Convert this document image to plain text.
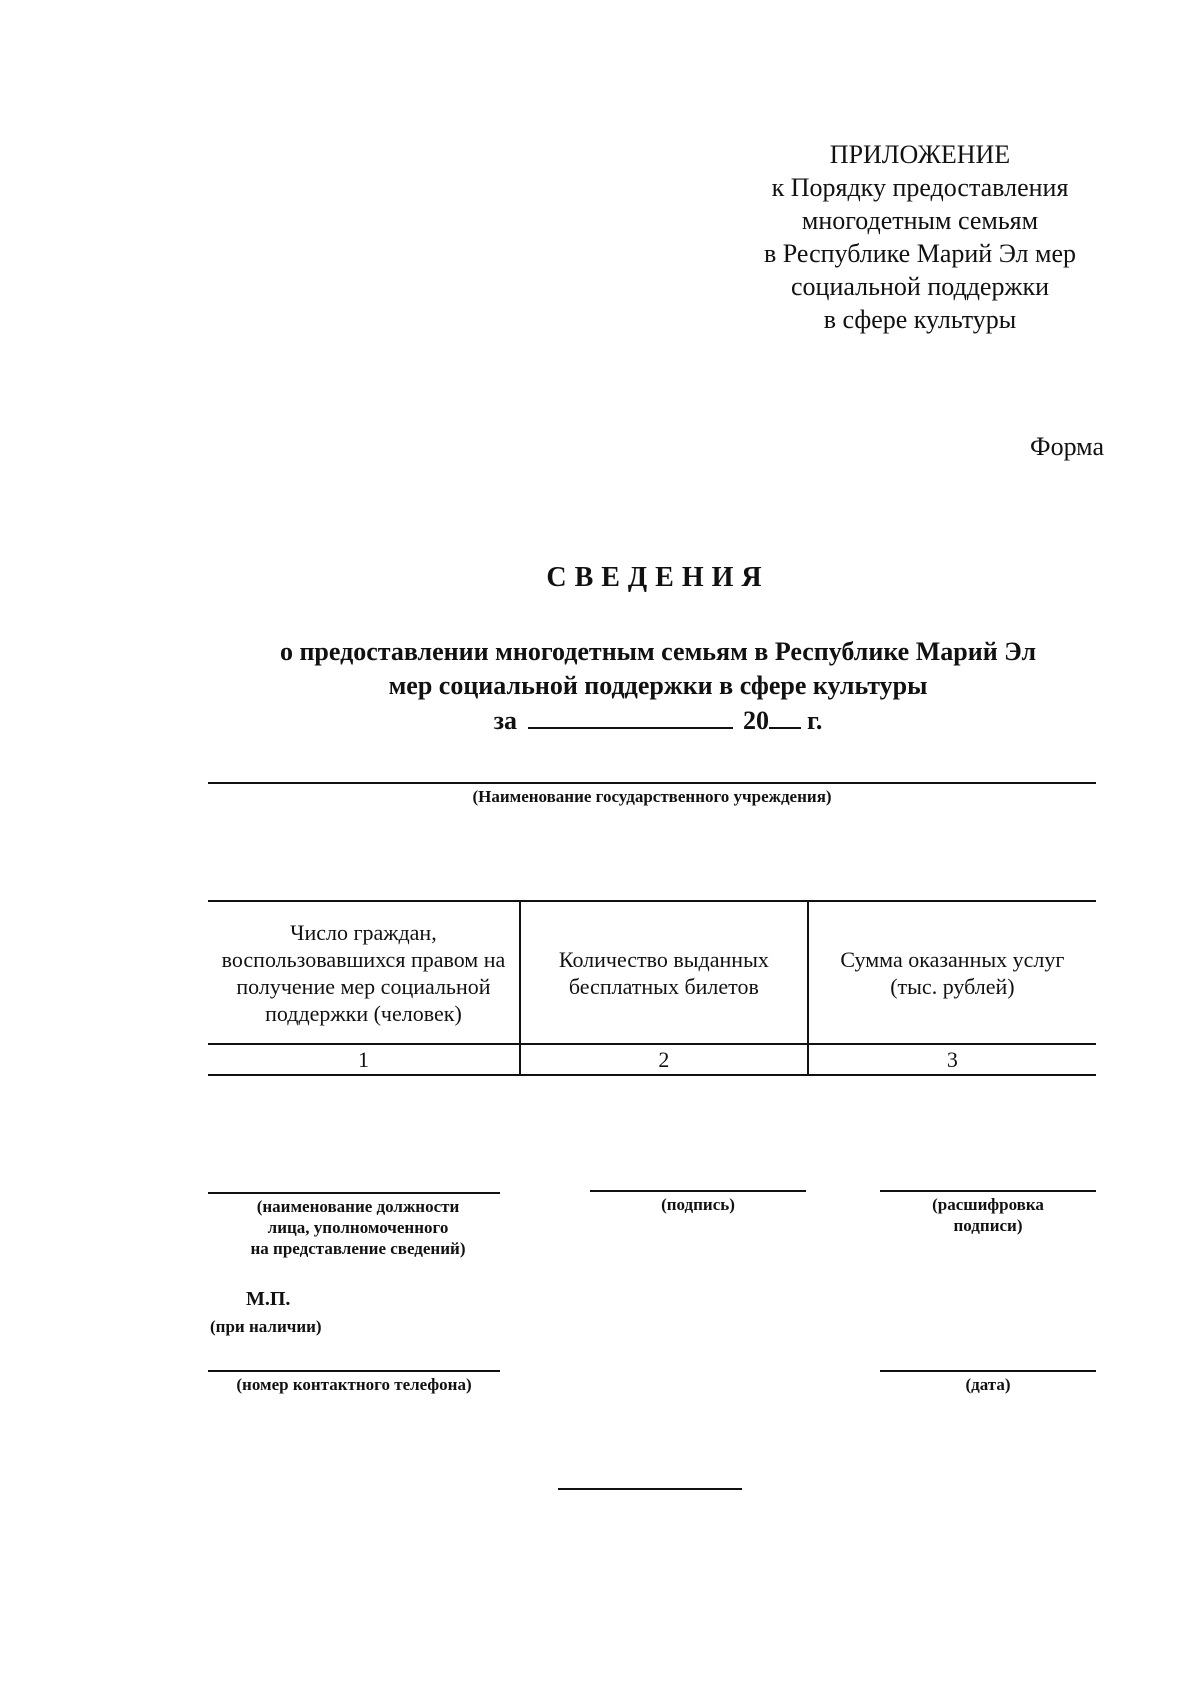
ПРИЛОЖЕНИЕ
к Порядку предоставления
многодетным семьям
в Республике Марий Эл мер
социальной поддержки
в сфере культуры
Форма
СВЕДЕНИЯ
о предоставлении многодетным семьям в Республике Марий Эл
мер социальной поддержки в сфере культуры
за	20 г.
(Наименование государственного учреждения)
Число граждан, воспользовавшихся правом на получение мер социальной поддержки (человек)	Количество выданных бесплатных билетов	Сумма оказанных услуг (тыс. рублей)
1	2	3
(наименование должности
лица, уполномоченного
на представление сведений)
(подпись)	(расшифровка
подписи)
М.П.
(при наличии)
(номер контактного телефона)	(дата)
